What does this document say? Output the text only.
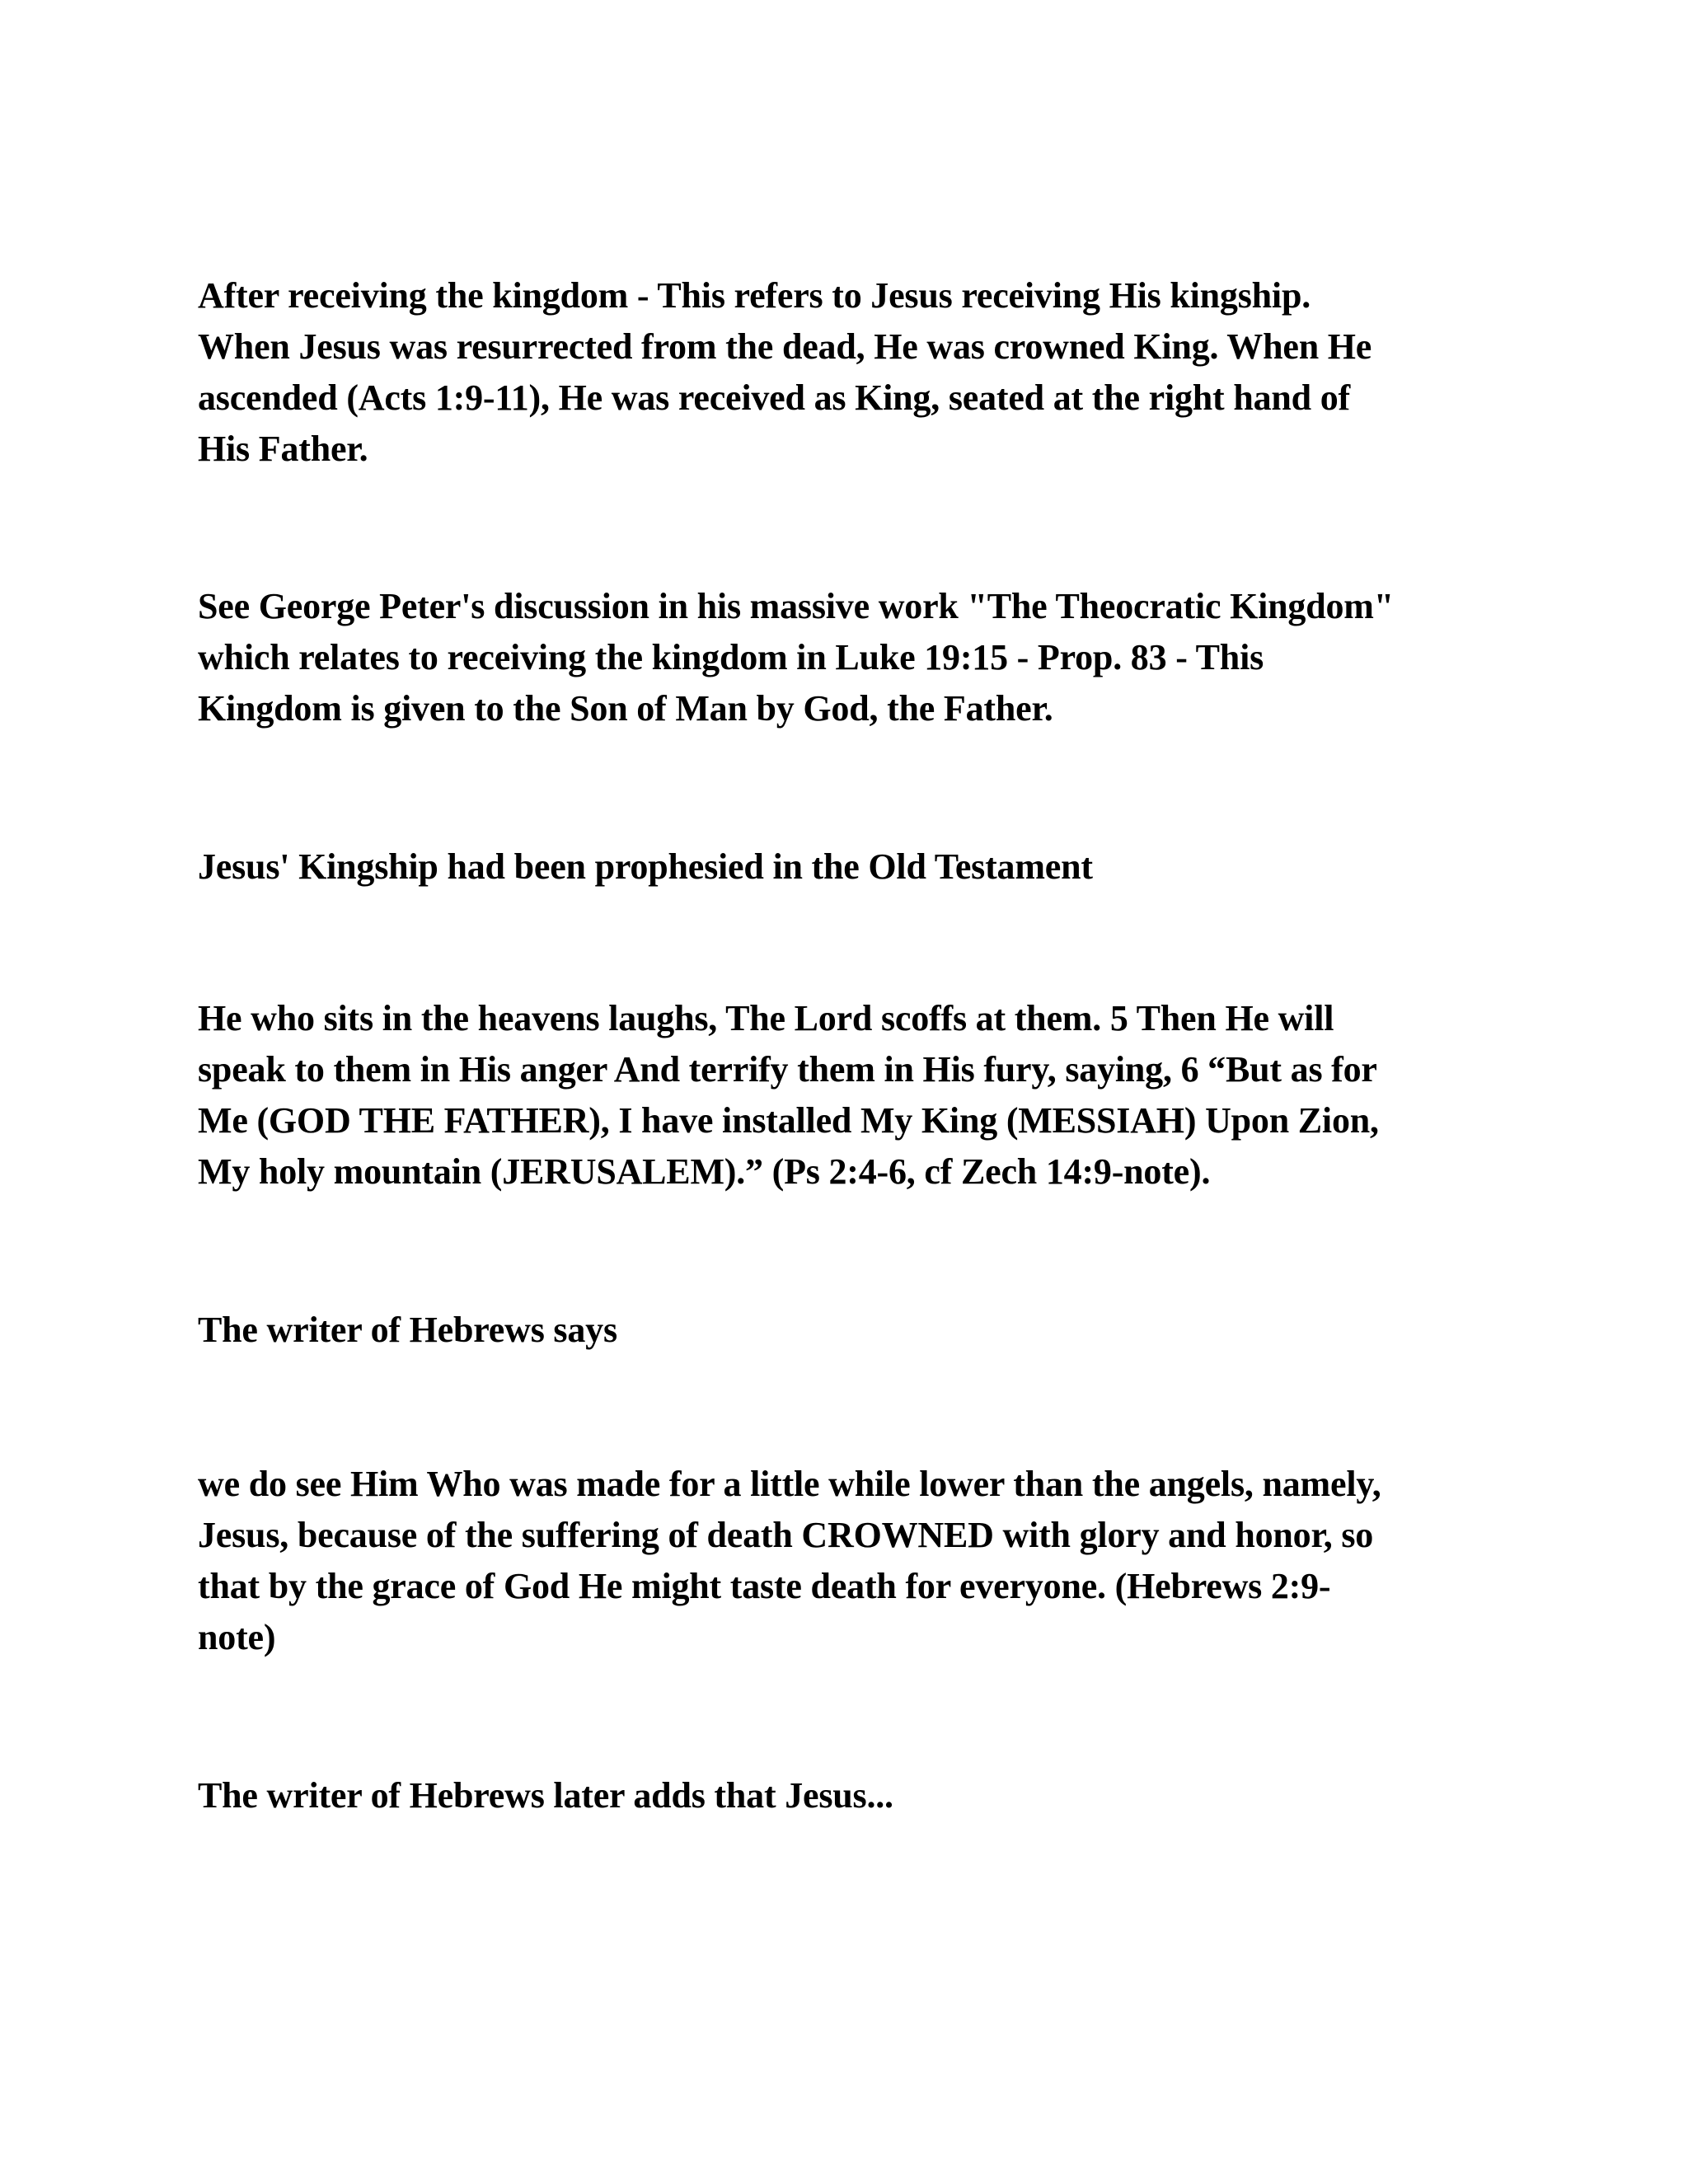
After receiving the kingdom - This refers to Jesus receiving His kingship.
When Jesus was resurrected from the dead, He was crowned King. When He
ascended (Acts 1:9-11), He was received as King, seated at the right hand of
His Father.

See George Peter's discussion in his massive work "The Theocratic Kingdom"
which relates to receiving the kingdom in Luke 19:15 - Prop. 83 - This
Kingdom is given to the Son of Man by God, the Father.

Jesus' Kingship had been prophesied in the Old Testament

He who sits in the heavens laughs, The Lord scoffs at them. 5 Then He will
speak to them in His anger And terrify them in His fury, saying, 6 “But as for
Me (GOD THE FATHER), I have installed My King (MESSIAH) Upon Zion,
My holy mountain (JERUSALEM).” (Ps 2:4-6, cf Zech 14:9-note).

The writer of Hebrews says

we do see Him Who was made for a little while lower than the angels, namely,
Jesus, because of the suffering of death CROWNED with glory and honor, so
that by the grace of God He might taste death for everyone. (Hebrews 2:9-
note)

The writer of Hebrews later adds that Jesus...
